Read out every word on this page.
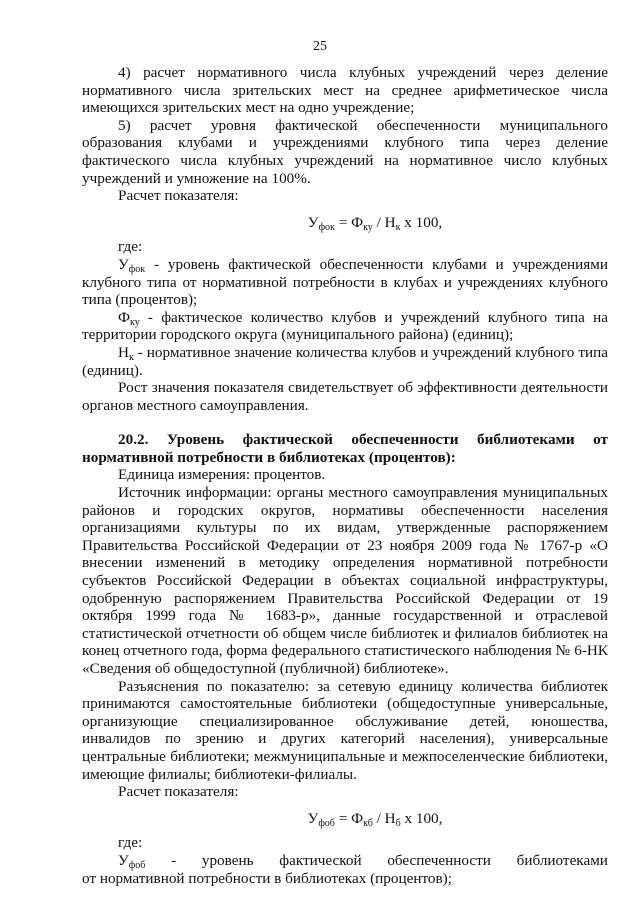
25

4) расчет нормативного числа клубных учреждений через деление нормативного числа зрительских мест на среднее арифметическое числа имеющихся зрительских мест на одно учреждение;

5) расчет уровня фактической обеспеченности муниципального образования клубами и учреждениями клубного типа через деление фактического числа клубных учреждений на нормативное число клубных учреждений и умножение на 100%.

Расчет показателя:

$У_{фок} = Ф_{ку} / Н_к$ х 100,

где:

$У_{фок}$ - уровень фактической обеспеченности клубами и учреждениями клубного типа от нормативной потребности в клубах и учреждениях клубного типа (процентов);

$Ф_{ку}$ - фактическое количество клубов и учреждений клубного типа на территории городского округа (муниципального района) (единиц);

$Н_к$ - нормативное значение количества клубов и учреждений клубного типа (единиц).

Рост значения показателя свидетельствует об эффективности деятельности органов местного самоуправления.

20.2. Уровень фактической обеспеченности библиотеками от нормативной потребности в библиотеках (процентов):

Единица измерения: процентов.

Источник информации: органы местного самоуправления муниципальных районов и городских округов, нормативы обеспеченности населения организациями культуры по их видам, утвержденные распоряжением Правительства Российской Федерации от 23 ноября 2009 года № 1767-р «О внесении изменений в методику определения нормативной потребности субъектов Российской Федерации в объектах социальной инфраструктуры, одобренную распоряжением Правительства Российской Федерации от 19 октября 1999 года № 1683-р», данные государственной и отраслевой статистической отчетности об общем числе библиотек и филиалов библиотек на конец отчетного года, форма федерального статистического наблюдения № 6-НК «Сведения об общедоступной (публичной) библиотеке».

Разъяснения по показателю: за сетевую единицу количества библиотек принимаются самостоятельные библиотеки (общедоступные универсальные, организующие специализированное обслуживание детей, юношества, инвалидов по зрению и других категорий населения), универсальные центральные библиотеки; межмуниципальные и межпоселенческие библиотеки, имеющие филиалы; библиотеки-филиалы.

Расчет показателя:

$У_{фоб} = Ф_{кб} / Н_б$ х 100,

где:

$У_{фоб}$ - уровень фактической обеспеченности библиотеками

от нормативной потребности в библиотеках (процентов);
